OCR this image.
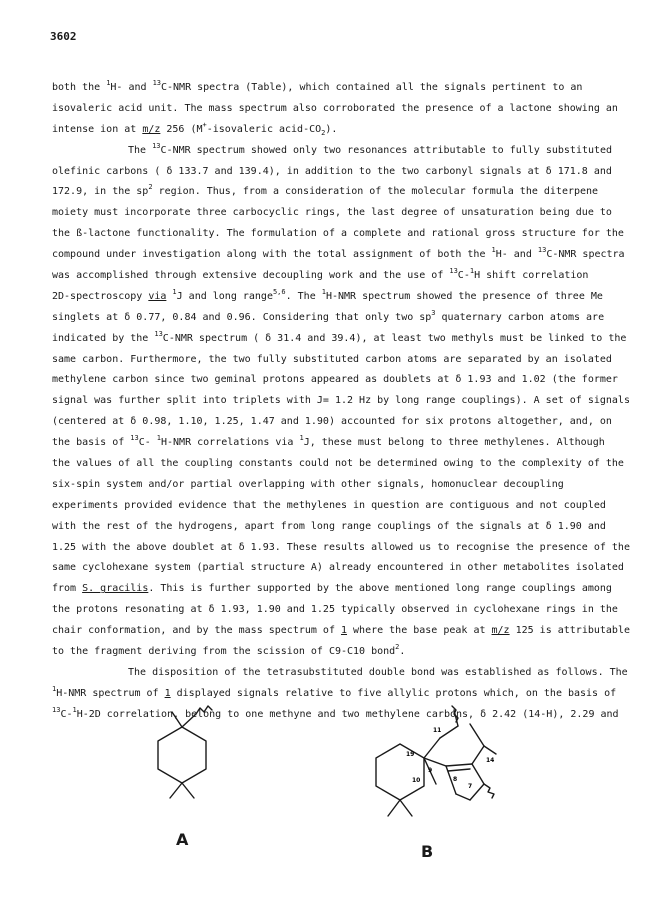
3602
both the $^1$H- and $^{13}$C-NMR spectra (Table), which contained all the signals pertinent to an
isovaleric acid unit. The mass spectrum also corroborated the presence of a lactone showing an
intense ion at m/z 256 (M+-isovaleric acid-$CO_2$).
The $^{13}$C-NMR spectrum showed only two resonances attributable to fully substituted
olefinic carbons ( δ 133.7 and 139.4), in addition to the two carbonyl signals at δ 171.8 and
172.9, in the $sp^2$ region. Thus, from a consideration of the molecular formula the diterpene
moiety must incorporate three carbocyclic rings, the last degree of unsaturation being due to
the ß-lactone functionality. The formulation of a complete and rational gross structure for the
compound under investigation along with the total assignment of both the $^1$H- and $^{13}$C-NMR spectra
was accomplished through extensive decoupling work and the use of $^{13}$C-$^1$H shift correlation
2D-spectroscopy via $^1$J and long range$^{5,6}$. The $^1$H-NMR spectrum showed the presence of three Me
singlets at δ 0.77, 0.84 and 0.96. Considering that only two $sp^3$ quaternary carbon atoms are
indicated by the $^{13}$C-NMR spectrum ( δ 31.4 and 39.4), at least two methyls must be linked to the
same carbon. Furthermore, the two fully substituted carbon atoms are separated by an isolated
methylene carbon since two geminal protons appeared as doublets at δ 1.93 and 1.02 (the former
signal was further split into triplets with J= 1.2 Hz by long range couplings). A set of signals
(centered at δ 0.98, 1.10, 1.25, 1.47 and 1.90) accounted for six protons altogether, and, on
the basis of $^{13}$C- $^1$H-NMR correlations via $^1$J, these must belong to three methylenes. Although
the values of all the coupling constants could not be determined owing to the complexity of the
six-spin system and/or partial overlapping with other signals, homonuclear decoupling
experiments provided evidence that the methylenes in question are contiguous and not coupled
with the rest of the hydrogens, apart from long range couplings of the signals at δ 1.90 and
1.25 with the above doublet at δ 1.93. These results allowed us to recognise the presence of the
same cyclohexane system (partial structure A) already encountered in other metabolites isolated
from S. gracilis. This is further supported by the above mentioned long range couplings among
the protons resonating at δ 1.93, 1.90 and 1.25 typically observed in cyclohexane rings in the
chair conformation, and by the mass spectrum of 1 where the base peak at m/z 125 is attributable
to the fragment deriving from the scission of C9-C10 bond$^2$.
The disposition of the tetrasubstituted double bond was established as follows. The
$^1$H-NMR spectrum of 1 displayed signals relative to five allylic protons which, on the basis of
$^{13}$C-$^1$H-2D correlation, belong to one methyne and two methylene carbons, δ 2.42 (14-H), 2.29 and
11
19
14
9
8
10
7
A
B
